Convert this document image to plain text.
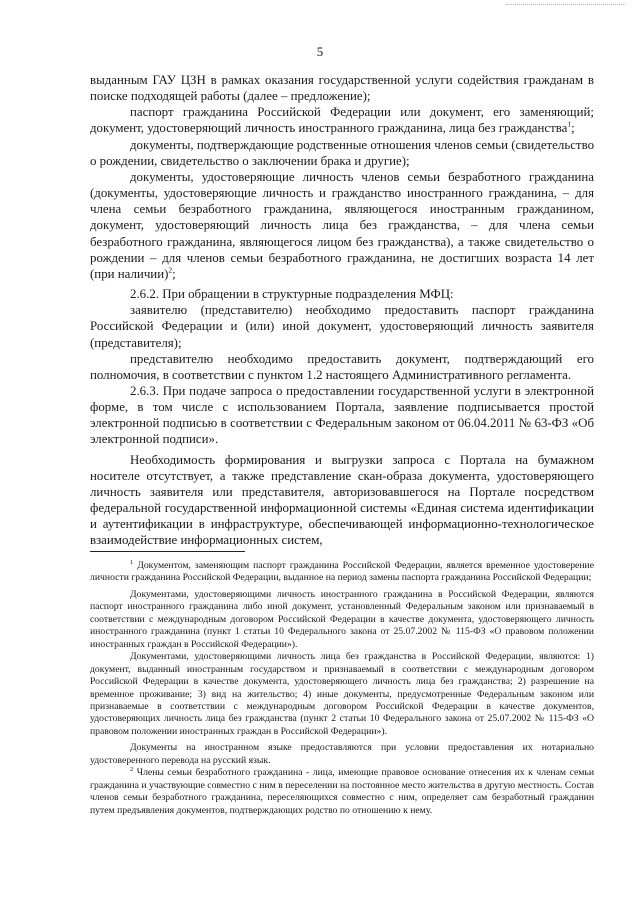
5

выданным ГАУ ЦЗН в рамках оказания государственной услуги содействия гражданам в поиске подходящей работы (далее – предложение);

паспорт гражданина Российской Федерации или документ, его заменяющий; документ, удостоверяющий личность иностранного гражданина, лица без гражданства$^1$;

документы, подтверждающие родственные отношения членов семьи (свидетельство о рождении, свидетельство о заключении брака и другие);

документы, удостоверяющие личность членов семьи безработного гражданина (документы, удостоверяющие личность и гражданство иностранного гражданина, – для члена семьи безработного гражданина, являющегося иностранным гражданином, документ, удостоверяющий личность лица без гражданства, – для члена семьи безработного гражданина, являющегося лицом без гражданства), а также свидетельство о рождении – для членов семьи безработного гражданина, не достигших возраста 14 лет (при наличии)$^2$;

2.6.2. При обращении в структурные подразделения МФЦ:

заявителю (представителю) необходимо предоставить паспорт гражданина Российской Федерации и (или) иной документ, удостоверяющий личность заявителя (представителя);

представителю необходимо предоставить документ, подтверждающий его полномочия, в соответствии с пунктом 1.2 настоящего Административного регламента.

2.6.3. При подаче запроса о предоставлении государственной услуги в электронной форме, в том числе с использованием Портала, заявление подписывается простой электронной подписью в соответствии с Федеральным законом от 06.04.2011 № 63-ФЗ «Об электронной подписи».

Необходимость формирования и выгрузки запроса с Портала на бумажном носителе отсутствует, а также представление скан-образа документа, удостоверяющего личность заявителя или представителя, авторизовавшегося на Портале посредством федеральной государственной информационной системы «Единая система идентификации и аутентификации в инфраструктуре, обеспечивающей информационно-технологическое взаимодействие информационных систем,

$^1$ Документом, заменяющим паспорт гражданина Российской Федерации, является временное удостоверение личности гражданина Российской Федерации, выданное на период замены паспорта гражданина Российской Федерации;

Документами, удостоверяющими личность иностранного гражданина в Российской Федерации, являются паспорт иностранного гражданина либо иной документ, установленный Федеральным законом или признаваемый в соответствии с международным договором Российской Федерации в качестве документа, удостоверяющего личность иностранного гражданина (пункт 1 статьи 10 Федерального закона от 25.07.2002 № 115-ФЗ «О правовом положении иностранных граждан в Российской Федерации»).

Документами, удостоверяющими личность лица без гражданства в Российской Федерации, являются: 1) документ, выданный иностранным государством и признаваемый в соответствии с международным договором Российской Федерации в качестве документа, удостоверяющего личность лица без гражданства; 2) разрешение на временное проживание; 3) вид на жительство; 4) иные документы, предусмотренные Федеральным законом или признаваемые в соответствии с международным договором Российской Федерации в качестве документов, удостоверяющих личность лица без гражданства (пункт 2 статьи 10 Федерального закона от 25.07.2002 № 115-ФЗ «О правовом положении иностранных граждан в Российской Федерации»).

Документы на иностранном языке предоставляются при условии предоставления их нотариально удостоверенного перевода на русский язык.

$^2$ Члены семьи безработного гражданина - лица, имеющие правовое основание отнесения их к членам семьи гражданина и участвующие совместно с ним в переселении на постоянное место жительства в другую местность. Состав членов семьи безработного гражданина, переселяющихся совместно с ним, определяет сам безработный гражданин путем предъявления документов, подтверждающих родство по отношению к нему.
